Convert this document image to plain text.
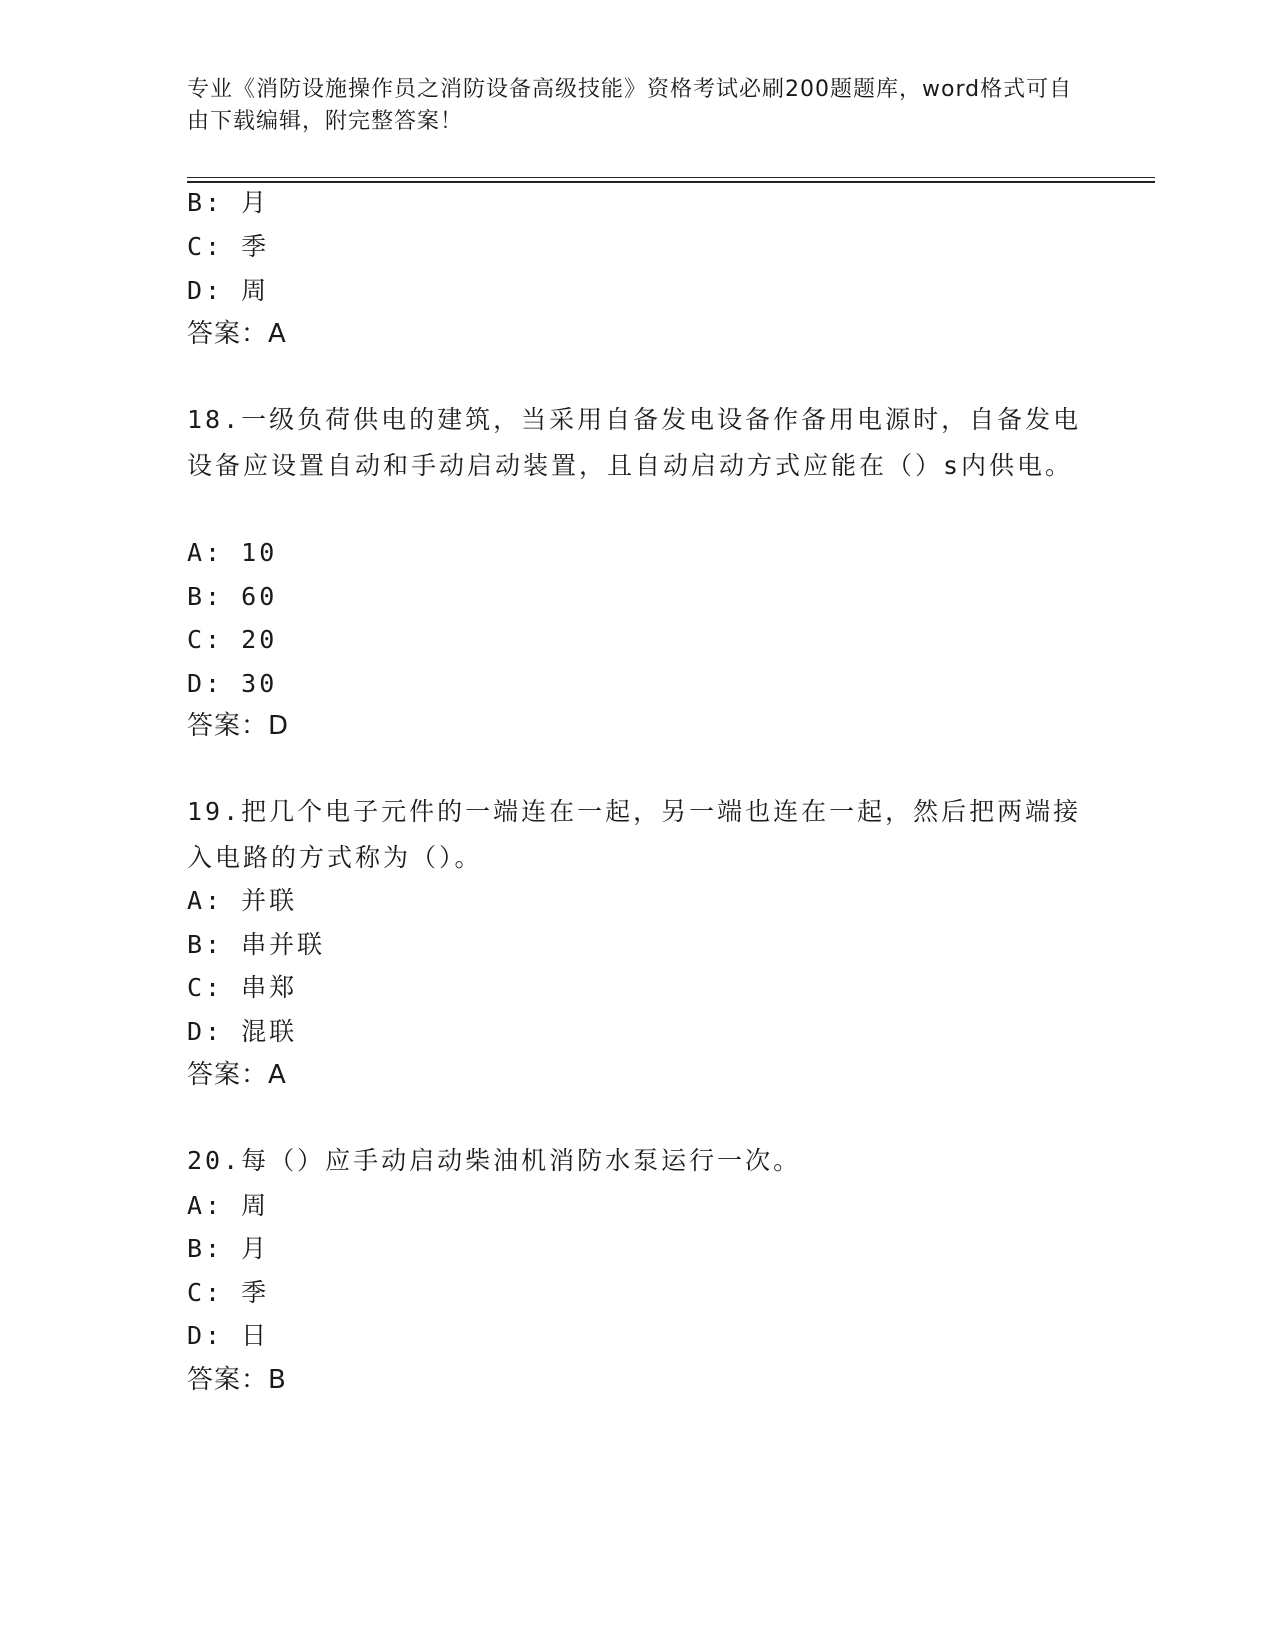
专业《消防设施操作员之消防设备高级技能》资格考试必刷200题题库，word格式可自由下载编辑，附完整答案！
B: 月
C: 季
D: 周
答案：A
18.一级负荷供电的建筑，当采用自备发电设备作备用电源时，自备发电设备应设置自动和手动启动装置，且自动启动方式应能在（）s内供电。
A: 10
B: 60
C: 20
D: 30
答案：D
19.把几个电子元件的一端连在一起，另一端也连在一起，然后把两端接入电路的方式称为（）。
A: 并联
B: 串并联
C: 串郑
D: 混联
答案：A
20.每（）应手动启动柴油机消防水泵运行一次。
A: 周
B: 月
C: 季
D: 日
答案：B
